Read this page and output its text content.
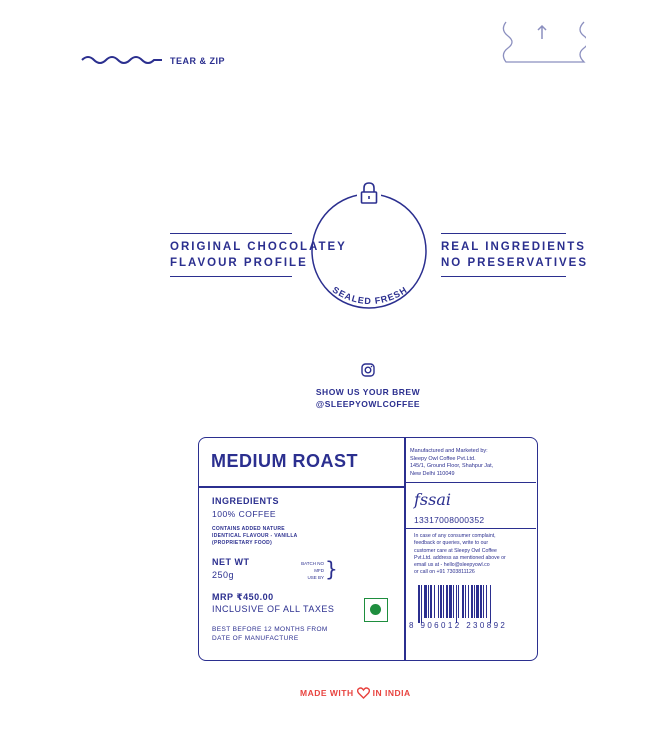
TEAR & ZIP
SEALED FRESH
ORIGINAL CHOCOLATEY
FLAVOUR PROFILE
REAL INGREDIENTS
NO PRESERVATIVES
SHOW US YOUR BREW
@SLEEPYOWLCOFFEE
MEDIUM ROAST
INGREDIENTS
100% COFFEE
CONTAINS ADDED NATURE
IDENTICAL FLAVOUR - VANILLA
(PROPRIETARY FOOD)
NET WT
250g
BATCH NO
MFD
USE BY }
MRP ₹450.00
INCLUSIVE OF ALL TAXES
BEST BEFORE 12 MONTHS FROM
DATE OF MANUFACTURE
Manufactured and Marketed by:
Sleepy Owl Coffee Pvt.Ltd.
145/1, Ground Floor, Shahpur Jat,
New Delhi 110049
fssai
13317008000352
In case of any consumer complaint,
feedback or queries, write to our
customer care at Sleepy Owl Coffee
Pvt.Ltd. address as mentioned above or
email us at - hello@sleepyowl.co
or call on +91 7303811126
8 906012 230892
MADE WITH IN INDIA
